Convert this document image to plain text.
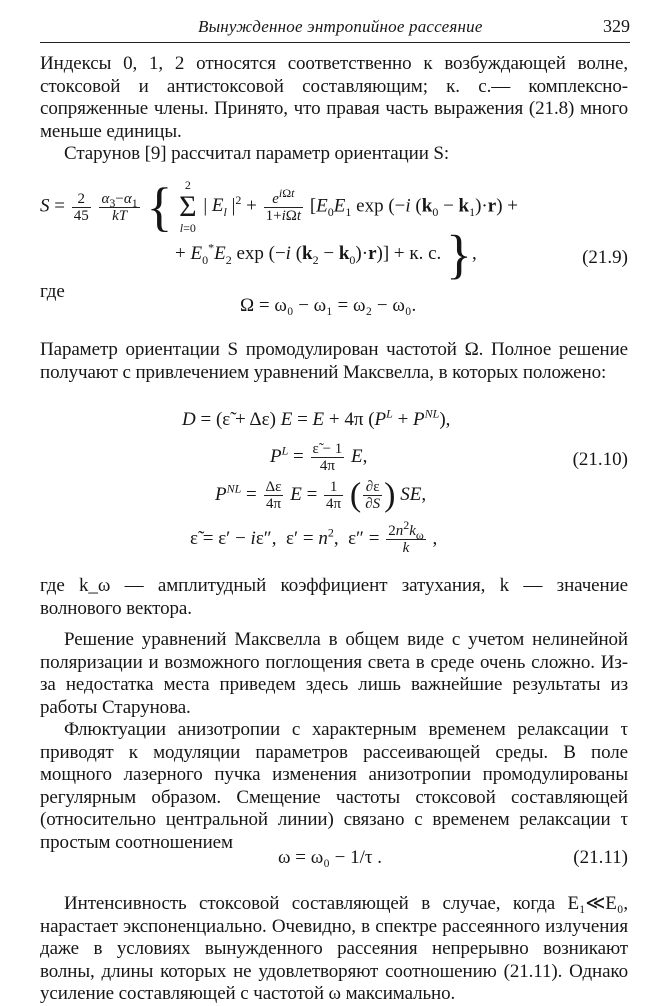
Вынужденное энтропийное рассеяние	329

Индексы 0, 1, 2 относятся соответственно к возбуждающей волне, стоксовой и антистоксовой составляющим; к. с.— комплексно-сопряженные члены. Принято, что правая часть выражения (21.8) много меньше единицы.

Старунов [9] рассчитал параметр ориентации S:

$S = \frac{2}{45}$
$\frac{\alpha_3-\alpha_1}{kT}$ {	2
Σ
l=0
| $E_l$ $|^2 + \frac{e^{i\Omega t}}{\text{1+iΩt}} [E_0E_1$ exp (−i $(k_0 - k_1)\cdot r$) +
+ $E_0^*E_2$ exp (−i $(k_2 - k_0)\cdot r)] + к$. с. },	(21.9)

где

Ω = ω₀ − ω₁ = ω₂ − ω₀.

Параметр ориентации S промодулирован частотой Ω. Полное решение получают с привлечением уравнений Максвелла, в которых положено:

D = (ε̃ + Δε) E = E + 4π $(P^L + P^{NL})$,
$P^L = \frac{\varepsiloñ - 1}{4\pi} E$,	(21.10)
$P^{NL} = \frac{\Delta\varepsilon}{4\pi}$ $E = \frac{1}{4\pi}$ ( $\frac{\partial\varepsilon}{\partial S}$ ) SE,
ε̃ = ε′ − iε″,  $\varepsilon' = n^2$,  $\varepsilon'' = \frac{2n^2k_\omega}{k}$ ,

где k_ω — амплитудный коэффициент затухания, k — значение волнового вектора.

Решение уравнений Максвелла в общем виде с учетом нелинейной поляризации и возможного поглощения света в среде очень сложно. Из-за недостатка места приведем здесь лишь важнейшие результаты из работы Старунова.

Флюктуации анизотропии с характерным временем релаксации τ приводят к модуляции параметров рассеивающей среды. В поле мощного лазерного пучка изменения анизотропии промодулированы регулярным образом. Смещение частоты стоксовой составляющей (относительно центральной линии) связано с временем релаксации τ простым соотношением

ω = ω₀ − 1/τ .	(21.11)

Интенсивность стоксовой составляющей в случае, когда E₁≪E₀, нарастает экспоненциально. Очевидно, в спектре рассеянного излучения даже в условиях вынужденного рассеяния непрерывно возникают волны, длины которых не удовлетворяют соотношению (21.11). Однако усиление составляющей с частотой ω максимально.
